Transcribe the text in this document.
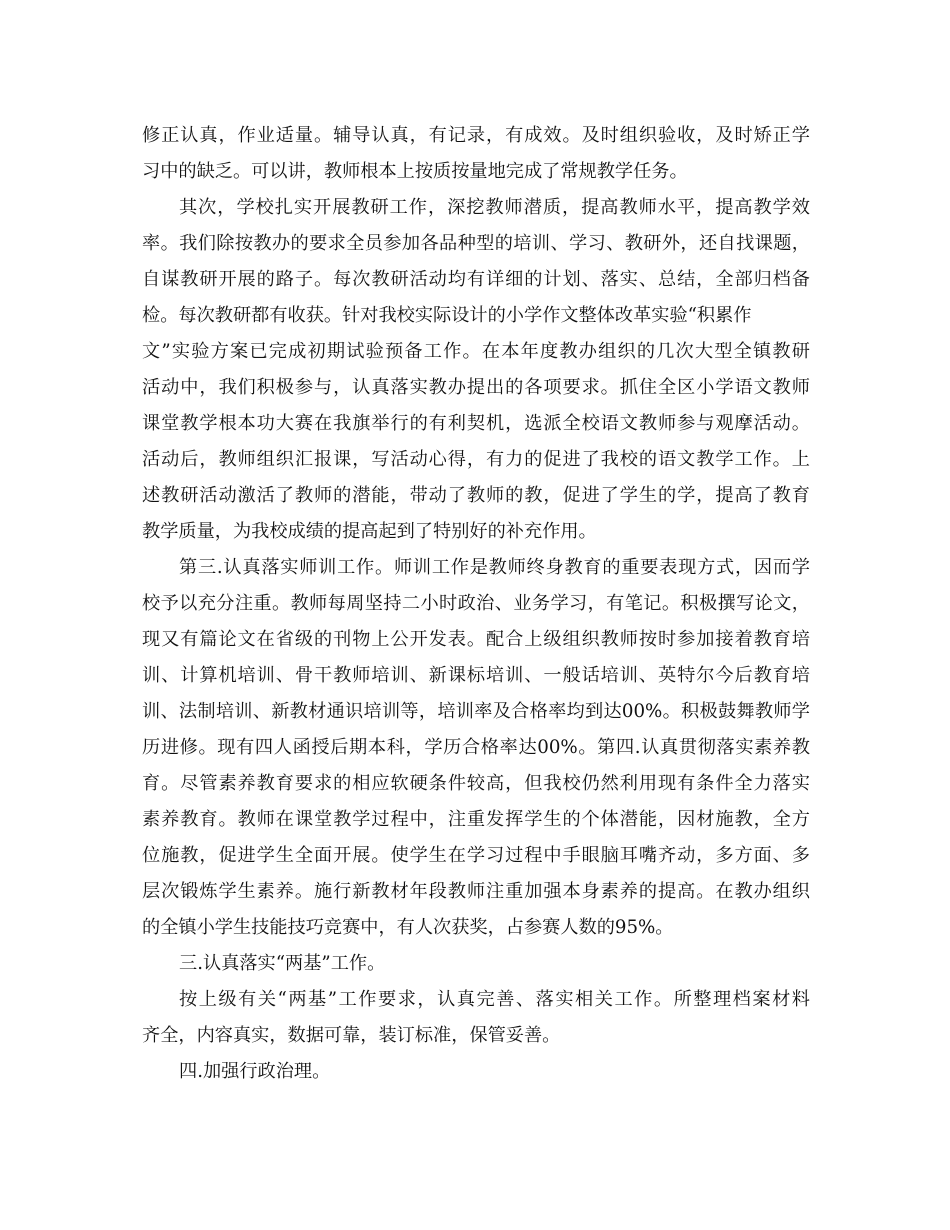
修正认真，作业适量。辅导认真，有记录，有成效。及时组织验收，及时矫正学
习中的缺乏。可以讲，教师根本上按质按量地完成了常规教学任务。
其次，学校扎实开展教研工作，深挖教师潜质，提高教师水平，提高教学效
率。我们除按教办的要求全员参加各品种型的培训、学习、教研外，还自找课题，
自谋教研开展的路子。每次教研活动均有详细的计划、落实、总结，全部归档备
检。每次教研都有收获。针对我校实际设计的小学作文整体改革实验“积累作
文”实验方案已完成初期试验预备工作。在本年度教办组织的几次大型全镇教研
活动中，我们积极参与，认真落实教办提出的各项要求。抓住全区小学语文教师
课堂教学根本功大赛在我旗举行的有利契机，选派全校语文教师参与观摩活动。
活动后，教师组织汇报课，写活动心得，有力的促进了我校的语文教学工作。上
述教研活动激活了教师的潜能，带动了教师的教，促进了学生的学，提高了教育
教学质量，为我校成绩的提高起到了特别好的补充作用。
第三.认真落实师训工作。师训工作是教师终身教育的重要表现方式，因而学
校予以充分注重。教师每周坚持二小时政治、业务学习，有笔记。积极撰写论文，
现又有篇论文在省级的刊物上公开发表。配合上级组织教师按时参加接着教育培
训、计算机培训、骨干教师培训、新课标培训、一般话培训、英特尔今后教育培
训、法制培训、新教材通识培训等，培训率及合格率均到达00%。积极鼓舞教师学
历进修。现有四人函授后期本科，学历合格率达00%。第四.认真贯彻落实素养教
育。尽管素养教育要求的相应软硬条件较高，但我校仍然利用现有条件全力落实
素养教育。教师在课堂教学过程中，注重发挥学生的个体潜能，因材施教，全方
位施教，促进学生全面开展。使学生在学习过程中手眼脑耳嘴齐动，多方面、多
层次锻炼学生素养。施行新教材年段教师注重加强本身素养的提高。在教办组织
的全镇小学生技能技巧竞赛中，有人次获奖，占参赛人数的95%。
三.认真落实“两基”工作。
按上级有关“两基”工作要求，认真完善、落实相关工作。所整理档案材料
齐全，内容真实，数据可靠，装订标准，保管妥善。
四.加强行政治理。
